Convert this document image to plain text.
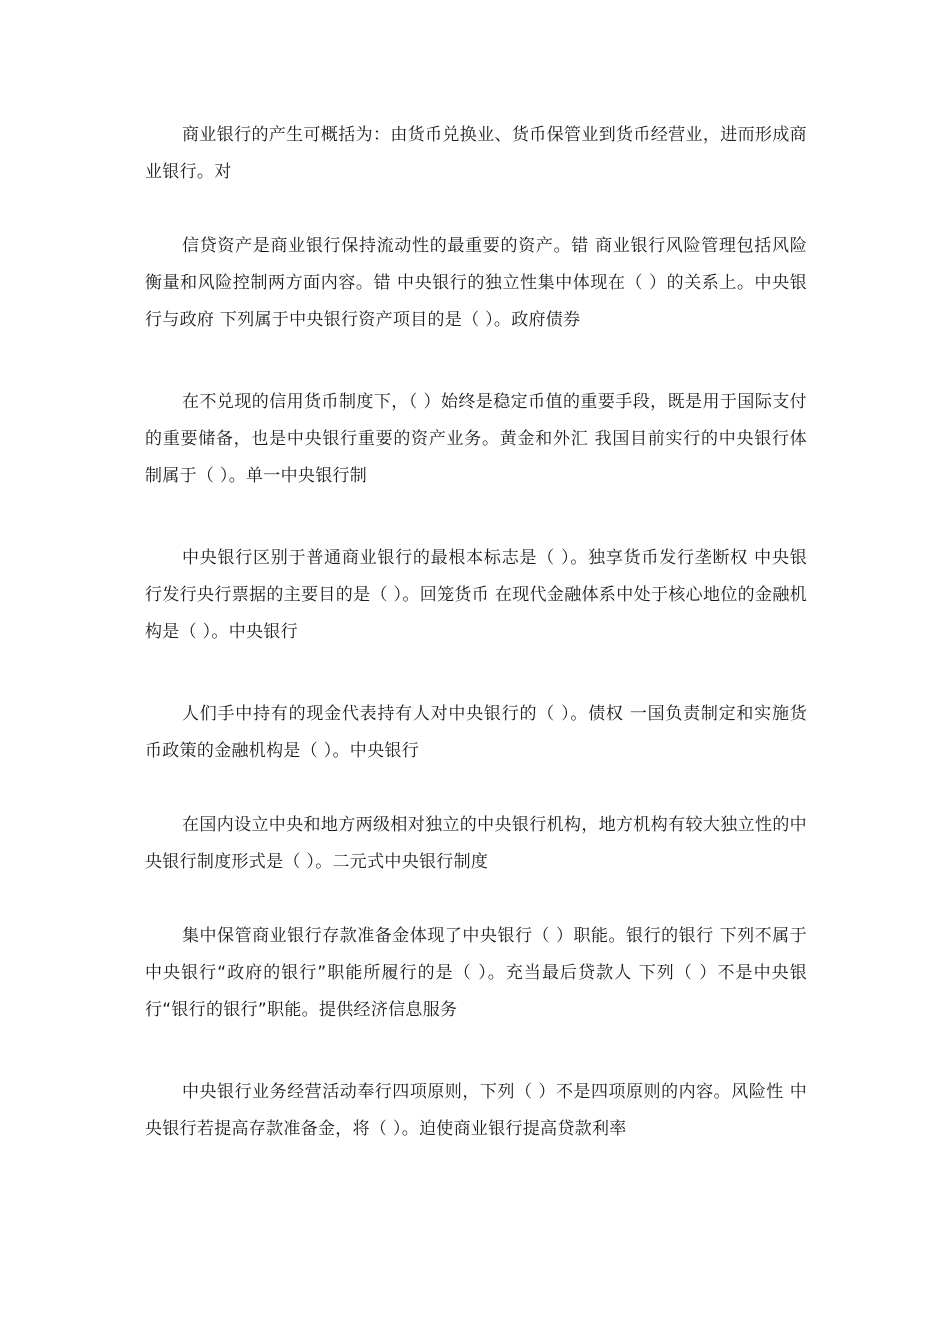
商业银行的产生可概括为：由货币兑换业、货币保管业到货币经营业，进而形成商业银行。对

信贷资产是商业银行保持流动性的最重要的资产。错 商业银行风险管理包括风险衡量和风险控制两方面内容。错 中央银行的独立性集中体现在（ ）的关系上。中央银行与政府 下列属于中央银行资产项目的是（ ）。政府债券

在不兑现的信用货币制度下，（ ）始终是稳定币值的重要手段，既是用于国际支付的重要储备，也是中央银行重要的资产业务。黄金和外汇 我国目前实行的中央银行体制属于（ ）。单一中央银行制

中央银行区别于普通商业银行的最根本标志是（ ）。独享货币发行垄断权 中央银行发行央行票据的主要目的是（ ）。回笼货币 在现代金融体系中处于核心地位的金融机构是（ ）。中央银行

人们手中持有的现金代表持有人对中央银行的（ ）。债权 一国负责制定和实施货币政策的金融机构是（ ）。中央银行

在国内设立中央和地方两级相对独立的中央银行机构，地方机构有较大独立性的中央银行制度形式是（ ）。二元式中央银行制度

集中保管商业银行存款准备金体现了中央银行（ ）职能。银行的银行 下列不属于中央银行“政府的银行”职能所履行的是（ ）。充当最后贷款人 下列（ ）不是中央银行“银行的银行”职能。提供经济信息服务

中央银行业务经营活动奉行四项原则，下列（ ）不是四项原则的内容。风险性 中央银行若提高存款准备金，将（ ）。迫使商业银行提高贷款利率
